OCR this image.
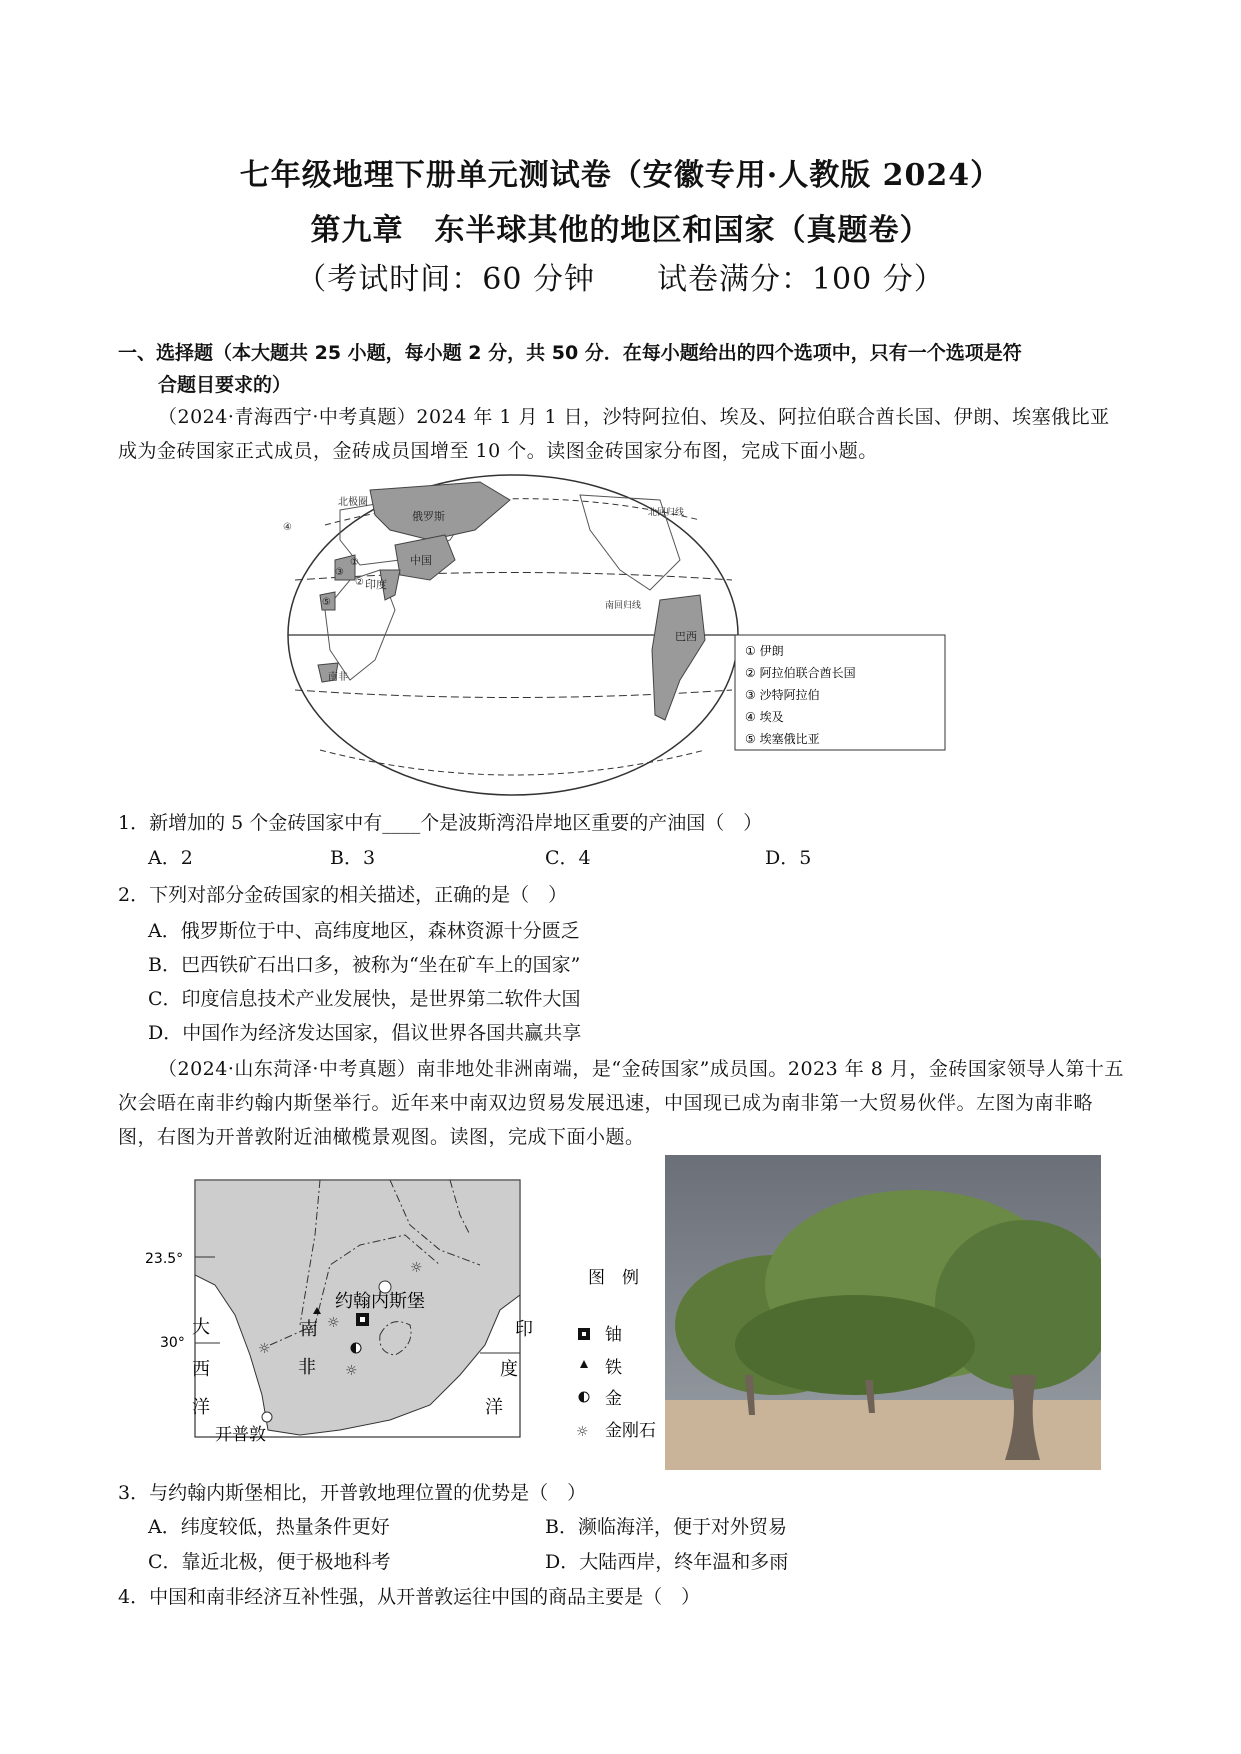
七年级地理下册单元测试卷（安徽专用·人教版 2024）
第九章　东半球其他的地区和国家（真题卷）
（考试时间：60 分钟　　试卷满分：100 分）
一、选择题（本大题共 25 小题，每小题 2 分，共 50 分．在每小题给出的四个选项中，只有一个选项是符
合题目要求的）
（2024·青海西宁·中考真题）2024 年 1 月 1 日，沙特阿拉伯、埃及、阿拉伯联合酋长国、伊朗、埃塞俄比亚成为金砖国家正式成员，金砖成员国增至 10 个。读图金砖国家分布图，完成下面小题。
北极圈
俄罗斯
中国
印度
巴西
南非
北回归线
南回归线
①
②
③
④
⑤
① 伊朗
② 阿拉伯联合酋长国
③ 沙特阿拉伯
④ 埃及
⑤ 埃塞俄比亚
1．新增加的 5 个金砖国家中有____个是波斯湾沿岸地区重要的产油国（　）
A．2	B．3	C．4	D．5
2．下列对部分金砖国家的相关描述，正确的是（　）
A．俄罗斯位于中、高纬度地区，森林资源十分匮乏
B．巴西铁矿石出口多，被称为“坐在矿车上的国家”
C．印度信息技术产业发展快，是世界第二软件大国
D．中国作为经济发达国家，倡议世界各国共赢共享
（2024·山东菏泽·中考真题）南非地处非洲南端，是“金砖国家”成员国。2023 年 8 月，金砖国家领导人第十五次会晤在南非约翰内斯堡举行。近年来中南双边贸易发展迅速，中国现已成为南非第一大贸易伙伴。左图为南非略图，右图为开普敦附近油橄榄景观图。读图，完成下面小题。
23.5°
30°
☼
☼
☼
☼
约翰内斯堡
开普敦
南
非
大
西
洋
印
度
洋
图　例
铀
铁
金
☼ 金刚石
3．与约翰内斯堡相比，开普敦地理位置的优势是（　）
A．纬度较低，热量条件更好	B．濒临海洋，便于对外贸易
C．靠近北极，便于极地科考	D．大陆西岸，终年温和多雨
4．中国和南非经济互补性强，从开普敦运往中国的商品主要是（　）
